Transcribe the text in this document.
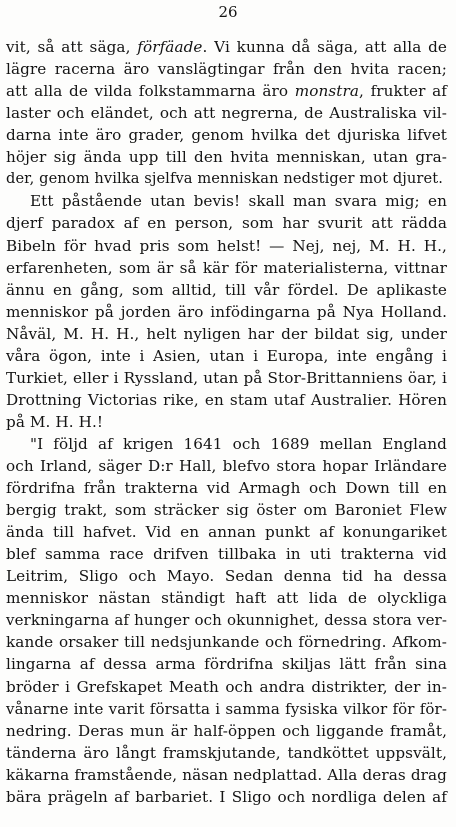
26
vit, så att säga, förfäade. Vi kunna då säga, att alla de
lägre racerna äro vanslägtingar från den hvita racen;
att alla de vilda folkstammarna äro monstra, frukter af
laster och eländet, och att negrerna, de Australiska vil-
darna inte äro grader, genom hvilka det djuriska lifvet
höjer sig ända upp till den hvita menniskan, utan gra-
der, genom hvilka sjelfva menniskan nedstiger mot djuret.
Ett påstående utan bevis! skall man svara mig; en
djerf paradox af en person, som har svurit att rädda
Bibeln för hvad pris som helst! — Nej, nej, M. H. H.,
erfarenheten, som är så kär för materialisterna, vittnar
ännu en gång, som alltid, till vår fördel. De aplikaste
menniskor på jorden äro infödingarna på Nya Holland.
Nåväl, M. H. H., helt nyligen har der bildat sig, under
våra ögon, inte i Asien, utan i Europa, inte engång i
Turkiet, eller i Ryssland, utan på Stor-Brittanniens öar, i
Drottning Victorias rike, en stam utaf Australier. Hören
på M. H. H.!
"I följd af krigen 1641 och 1689 mellan England
och Irland, säger D:r Hall, blefvo stora hopar Irländare
fördrifna från trakterna vid Armagh och Down till en
bergig trakt, som sträcker sig öster om Baroniet Flew
ända till hafvet. Vid en annan punkt af konungariket
blef samma race drifven tillbaka in uti trakterna vid
Leitrim, Sligo och Mayo. Sedan denna tid ha dessa
menniskor nästan ständigt haft att lida de olyckliga
verkningarna af hunger och okunnighet, dessa stora ver-
kande orsaker till nedsjunkande och förnedring. Afkom-
lingarna af dessa arma fördrifna skiljas lätt från sina
bröder i Grefskapet Meath och andra distrikter, der in-
vånarne inte varit försatta i samma fysiska vilkor för för-
nedring. Deras mun är half-öppen och liggande framåt,
tänderna äro långt framskjutande, tandköttet uppsvält,
käkarna framstående, näsan nedplattad. Alla deras drag
bära prägeln af barbariet. I Sligo och nordliga delen af
